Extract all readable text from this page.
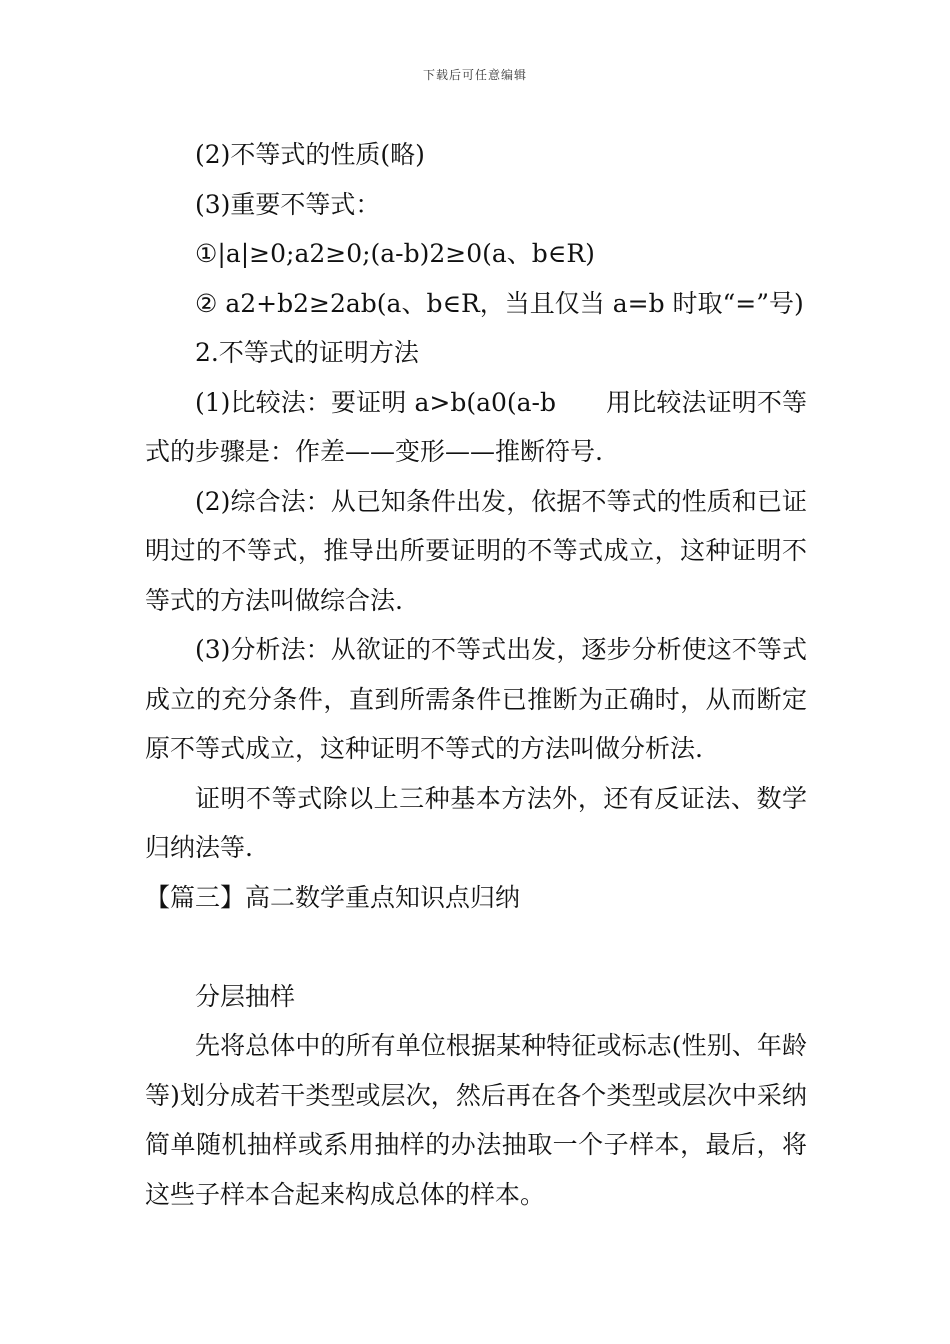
下载后可任意编辑

(2)不等式的性质(略)

(3)重要不等式：

①|a|≥0;a2≥0;(a-b)2≥0(a、b∈R)

② a2+b2≥2ab(a、b∈R，当且仅当 a=b 时取“=”号)

2.不等式的证明方法

(1)比较法：要证明 a>b(a0(a-b 用比较法证明不等式的步骤是：作差——变形——推断符号.

(2)综合法：从已知条件出发，依据不等式的性质和已证明过的不等式，推导出所要证明的不等式成立，这种证明不等式的方法叫做综合法.

(3)分析法：从欲证的不等式出发，逐步分析使这不等式成立的充分条件，直到所需条件已推断为正确时，从而断定原不等式成立，这种证明不等式的方法叫做分析法.

证明不等式除以上三种基本方法外，还有反证法、数学归纳法等.

【篇三】高二数学重点知识点归纳

分层抽样

先将总体中的所有单位根据某种特征或标志(性别、年龄等)划分成若干类型或层次，然后再在各个类型或层次中采纳简单随机抽样或系用抽样的办法抽取一个子样本，最后，将这些子样本合起来构成总体的样本。
